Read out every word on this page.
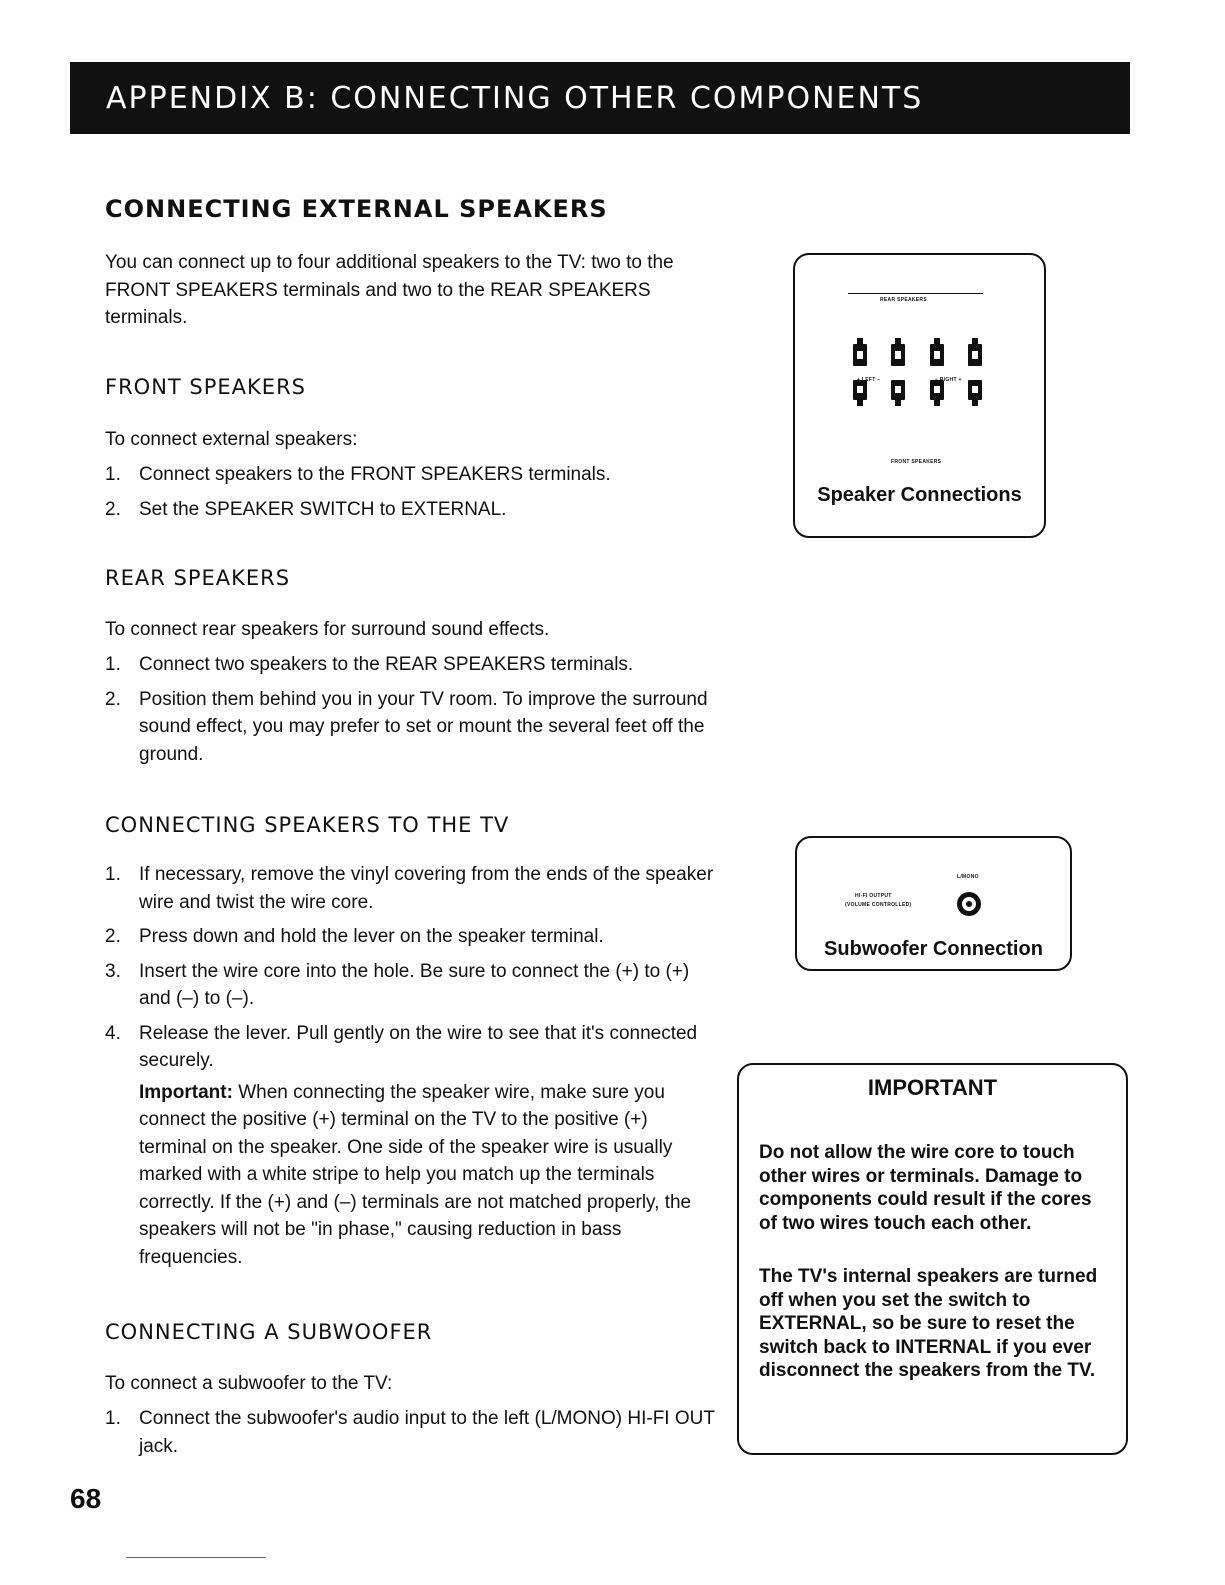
APPENDIX B: CONNECTING OTHER COMPONENTS
CONNECTING EXTERNAL SPEAKERS

You can connect up to four additional speakers to the TV: two to the FRONT SPEAKERS terminals and two to the REAR SPEAKERS terminals.

FRONT SPEAKERS

To connect external speakers:

1. Connect speakers to the FRONT SPEAKERS terminals.
2. Set the SPEAKER SWITCH to EXTERNAL.
REAR SPEAKERS

To connect rear speakers for surround sound effects.

1. Connect two speakers to the REAR SPEAKERS terminals.
2. Position them behind you in your TV room. To improve the surround sound effect, you may prefer to set or mount the several feet off the ground.
CONNECTING SPEAKERS TO THE TV
1. If necessary, remove the vinyl covering from the ends of the speaker wire and twist the wire core.
2. Press down and hold the lever on the speaker terminal.
3. Insert the wire core into the hole. Be sure to connect the (+) to (+) and (–) to (–).
4. Release the lever. Pull gently on the wire to see that it's connected securely.
Important: When connecting the speaker wire, make sure you connect the positive (+) terminal on the TV to the positive (+) terminal on the speaker. One side of the speaker wire is usually marked with a white stripe to help you match up the terminals correctly. If the (+) and (–) terminals are not matched properly, the speakers will not be "in phase," causing reduction in bass frequencies.
CONNECTING A SUBWOOFER

To connect a subwoofer to the TV:

1. Connect the subwoofer's audio input to the left (L/MONO) HI-FI OUT jack.
REAR SPEAKERS
+ LEFT –	– RIGHT +
FRONT SPEAKERS
Speaker Connections
L/MONO
HI-FI OUTPUT
(VOLUME CONTROLLED)
Subwoofer Connection

IMPORTANT

Do not allow the wire core to touch other wires or terminals. Damage to components could result if the cores of two wires touch each other.

The TV's internal speakers are turned off when you set the switch to EXTERNAL, so be sure to reset the switch back to INTERNAL if you ever disconnect the speakers from the TV.

68
